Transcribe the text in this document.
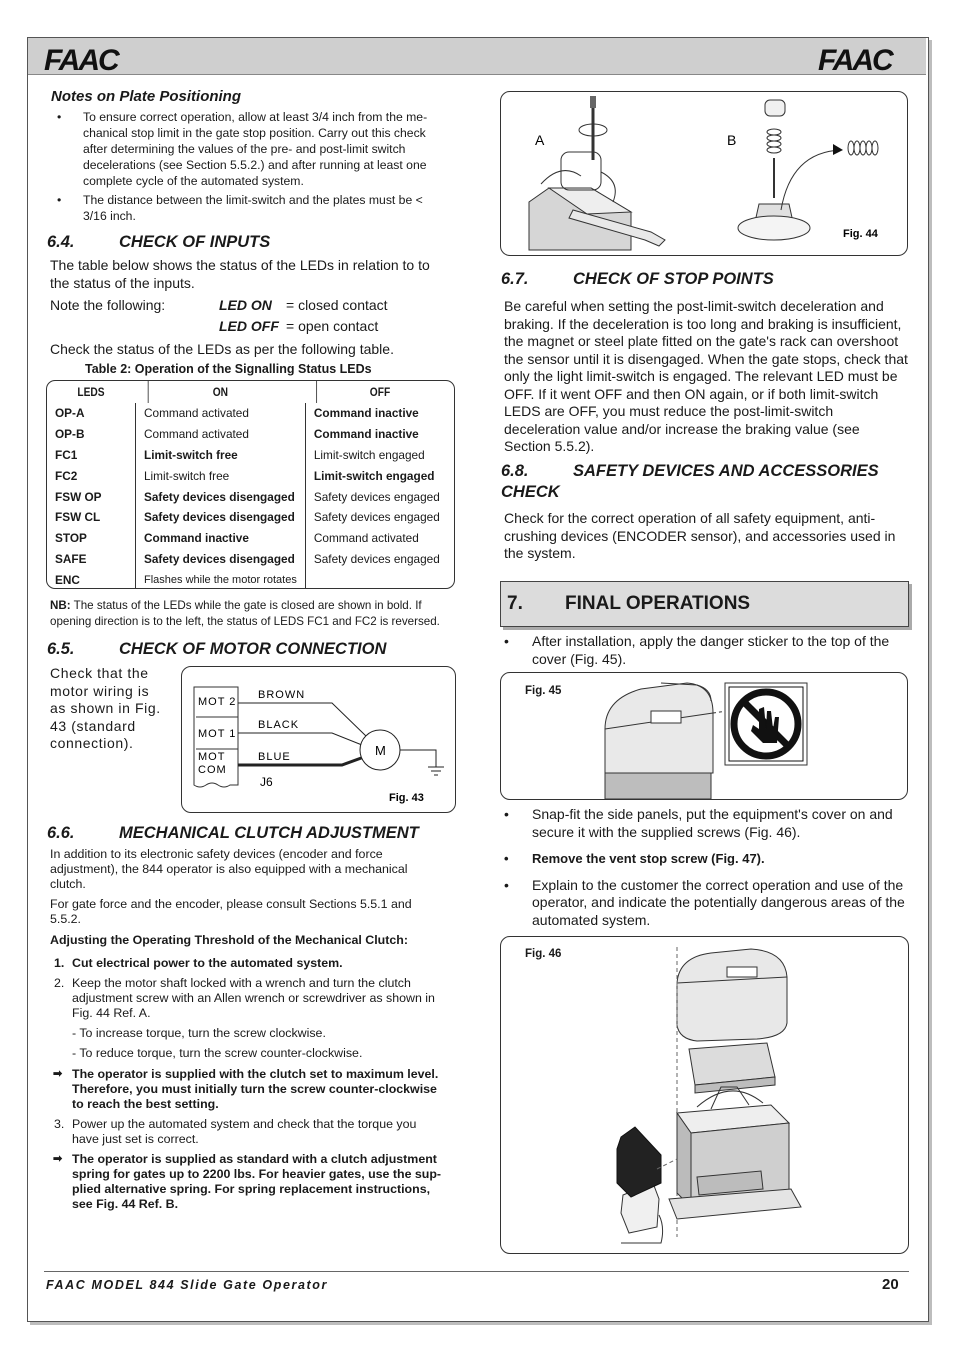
FAAC	FAAC
Notes on Plate Positioning
• To ensure correct operation, allow at least 3/4 inch from the me-chanical stop limit in the gate stop position. Carry out this check after determining the values of the pre- and post-limit switch decelerations (see Section 5.5.2.) and after running at least one complete cycle of the automated system.
• The distance between the limit-switch and the plates must be < 3/16 inch.
6.4.	CHECK OF INPUTS
The table below shows the status of the LEDs in relation to to the status of the inputs.
Note the following:	LED ON = closed contact
LED OFF = open contact
Check the status of the LEDs as per the following table.
Table 2: Operation of the Signalling Status LEDs
LEDS	ON	OFF
OP-A	Command activated	Command inactive
OP-B	Command activated	Command inactive
FC1	Limit-switch free	Limit-switch engaged
FC2	Limit-switch free	Limit-switch engaged
FSW OP	Safety devices disengaged	Safety devices engaged
FSW CL	Safety devices disengaged	Safety devices engaged
STOP	Command inactive	Command activated
SAFE	Safety devices disengaged	Safety devices engaged
ENC	Flashes while the motor rotates	
NB: The status of the LEDs while the gate is closed are shown in bold. If opening direction is to the left, the status of LEDS FC1 and FC2 is reversed.
6.5.	CHECK OF MOTOR CONNECTION
Check that the motor wiring is as shown in Fig. 43 (standard connection).
MOT 2
MOT 1
MOT
COM
BROWN
BLACK
BLUE	M
J6
Fig. 43
6.6.	MECHANICAL CLUTCH ADJUSTMENT
In addition to its electronic safety devices (encoder and force adjustment), the 844 operator is also equipped with a mechanical clutch.
For gate force and the encoder, please consult Sections 5.5.1 and 5.5.2.
Adjusting the Operating Threshold of the Mechanical Clutch:
1. Cut electrical power to the automated system.
2. Keep the motor shaft locked with a wrench and turn the clutch adjustment screw with an Allen wrench or screwdriver as shown in Fig. 44 Ref. A.
- To increase torque, turn the screw clockwise.
- To reduce torque, turn the screw counter-clockwise.
➡ The operator is supplied with the clutch set to maximum level. Therefore, you must initially turn the screw counter-clockwise to reach the best setting.
3. Power up the automated system and check that the torque you have just set is correct.
➡ The operator is supplied as standard with a clutch adjustment spring for gates up to 2200 lbs. For heavier gates, use the sup-plied alternative spring. For spring replacement instructions, see Fig. 44 Ref. B.
A	B
Fig. 44
6.7.	CHECK OF STOP POINTS
Be careful when setting the post-limit-switch deceleration and braking. If the deceleration is too long and braking is insufficient, the magnet or steel plate fitted on the gate's rack can overshoot the sensor until it is disengaged. When the gate stops, check that only the light limit-switch is engaged. The relevant LED must be OFF. If it went OFF and then ON again, or if both limit-switch LEDS are OFF, you must reduce the post-limit-switch deceleration value and/or increase the braking value (see Section 5.5.2).
6.8.	SAFETY DEVICES AND ACCESSORIES
CHECK
Check for the correct operation of all safety equipment, anti-crushing devices (ENCODER sensor), and accessories used in the system.
7. FINAL OPERATIONS
• After installation, apply the danger sticker to the top of the cover (Fig. 45).
Fig. 45
• Snap-fit the side panels, put the equipment's cover on and secure it with the supplied screws (Fig. 46).
• Remove the vent stop screw (Fig. 47).
• Explain to the customer the correct operation and use of the operator, and indicate the potentially dangerous areas of the automated system.
Fig. 46
FAAC MODEL 844 Slide Gate Operator	20
